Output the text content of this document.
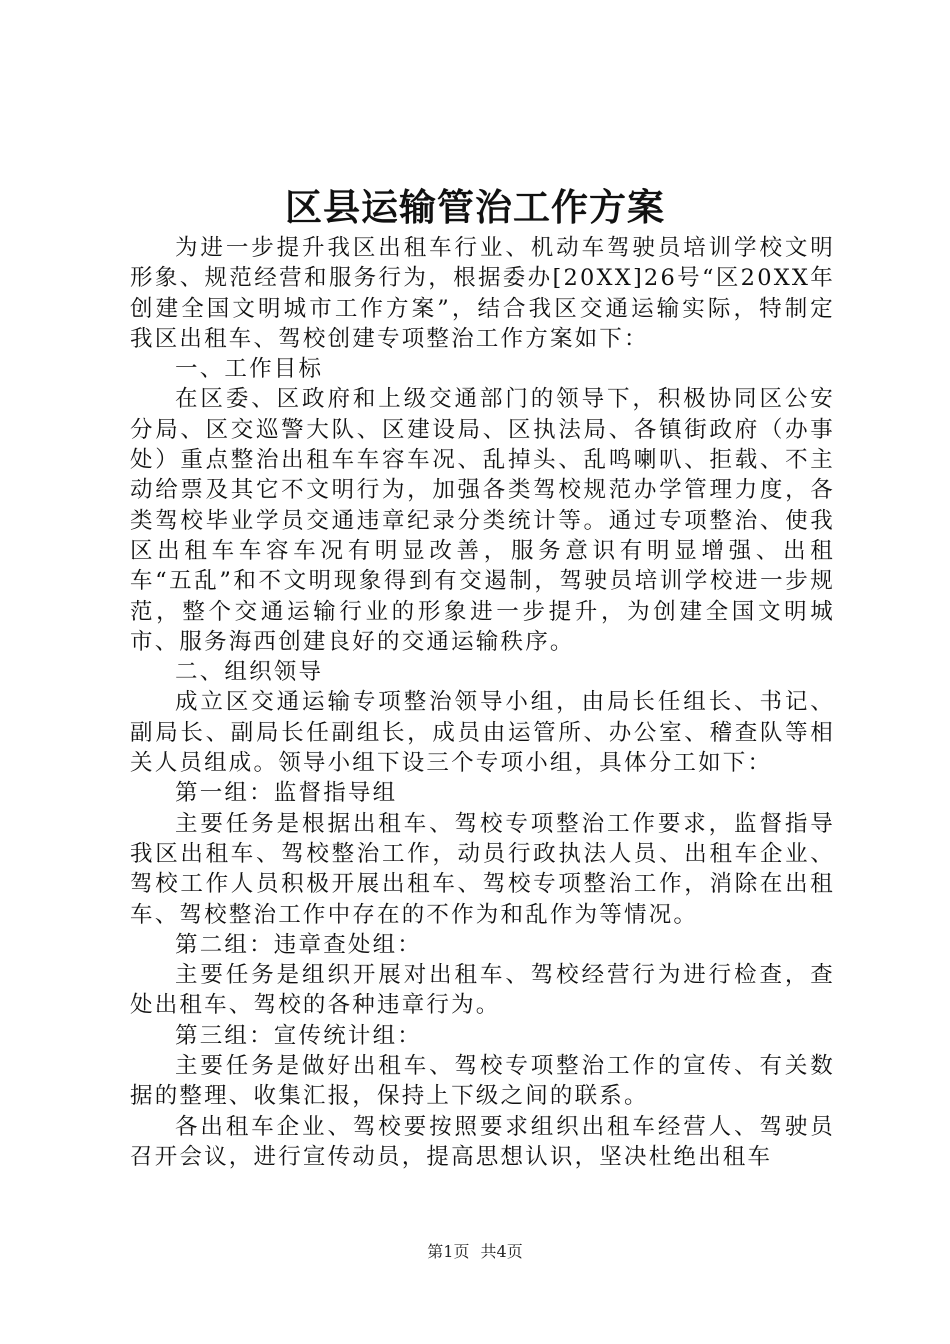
区县运输管治工作方案

为进一步提升我区出租车行业、机动车驾驶员培训学校文明形象、规范经营和服务行为，根据委办[20XX]26号“区20XX年创建全国文明城市工作方案”，结合我区交通运输实际，特制定我区出租车、驾校创建专项整治工作方案如下：

一、工作目标

在区委、区政府和上级交通部门的领导下，积极协同区公安分局、区交巡警大队、区建设局、区执法局、各镇街政府（办事处）重点整治出租车车容车况、乱掉头、乱鸣喇叭、拒载、不主动给票及其它不文明行为，加强各类驾校规范办学管理力度，各类驾校毕业学员交通违章纪录分类统计等。通过专项整治、使我区出租车车容车况有明显改善，服务意识有明显增强、出租车“五乱”和不文明现象得到有交遏制，驾驶员培训学校进一步规范，整个交通运输行业的形象进一步提升，为创建全国文明城市、服务海西创建良好的交通运输秩序。

二、组织领导

成立区交通运输专项整治领导小组，由局长任组长、书记、副局长、副局长任副组长，成员由运管所、办公室、稽查队等相关人员组成。领导小组下设三个专项小组，具体分工如下：

第一组：监督指导组

主要任务是根据出租车、驾校专项整治工作要求，监督指导我区出租车、驾校整治工作，动员行政执法人员、出租车企业、驾校工作人员积极开展出租车、驾校专项整治工作，消除在出租车、驾校整治工作中存在的不作为和乱作为等情况。

第二组：违章查处组：

主要任务是组织开展对出租车、驾校经营行为进行检查，查处出租车、驾校的各种违章行为。

第三组：宣传统计组：

主要任务是做好出租车、驾校专项整治工作的宣传、有关数据的整理、收集汇报，保持上下级之间的联系。

各出租车企业、驾校要按照要求组织出租车经营人、驾驶员召开会议，进行宣传动员，提高思想认识，坚决杜绝出租车

第1页 共4页
